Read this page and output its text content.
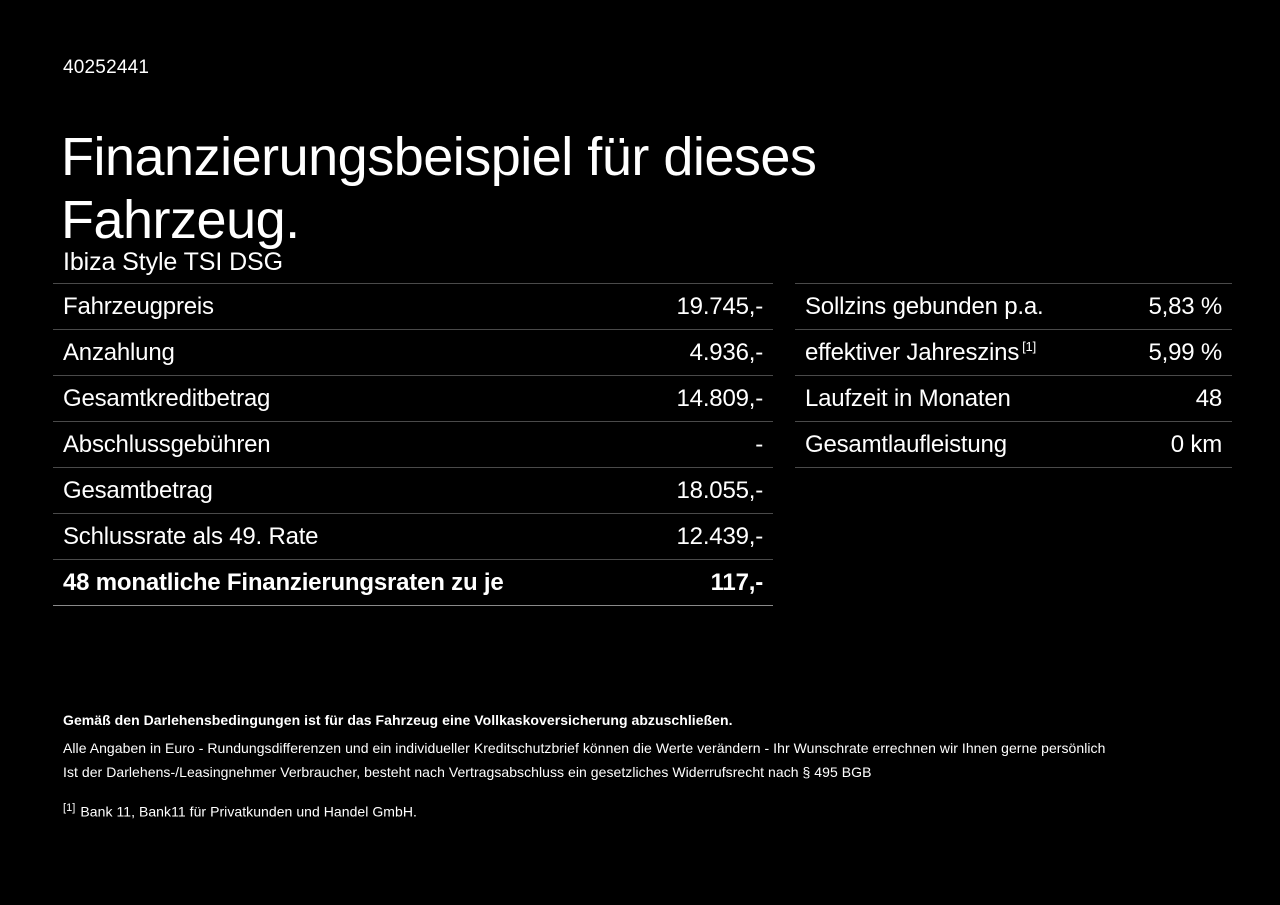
40252441
Finanzierungsbeispiel für dieses Fahrzeug.
Ibiza Style TSI DSG
Fahrzeugpreis	19.745,-
Anzahlung	4.936,-
Gesamtkreditbetrag	14.809,-
Abschlussgebühren	-
Gesamtbetrag	18.055,-
Schlussrate als 49. Rate	12.439,-
48 monatliche Finanzierungsraten zu je	117,-
Sollzins gebunden p.a.	5,83 %
effektiver Jahreszins [1]	5,99 %
Laufzeit in Monaten	48
Gesamtlaufleistung	0 km
Gemäß den Darlehensbedingungen ist für das Fahrzeug eine Vollkaskoversicherung abzuschließen.
Alle Angaben in Euro - Rundungsdifferenzen und ein individueller Kreditschutzbrief können die Werte verändern - Ihr Wunschrate errechnen wir Ihnen gerne persönlich
Ist der Darlehens-/Leasingnehmer Verbraucher, besteht nach Vertragsabschluss ein gesetzliches Widerrufsrecht nach § 495 BGB
[1] Bank 11, Bank11 für Privatkunden und Handel GmbH.
